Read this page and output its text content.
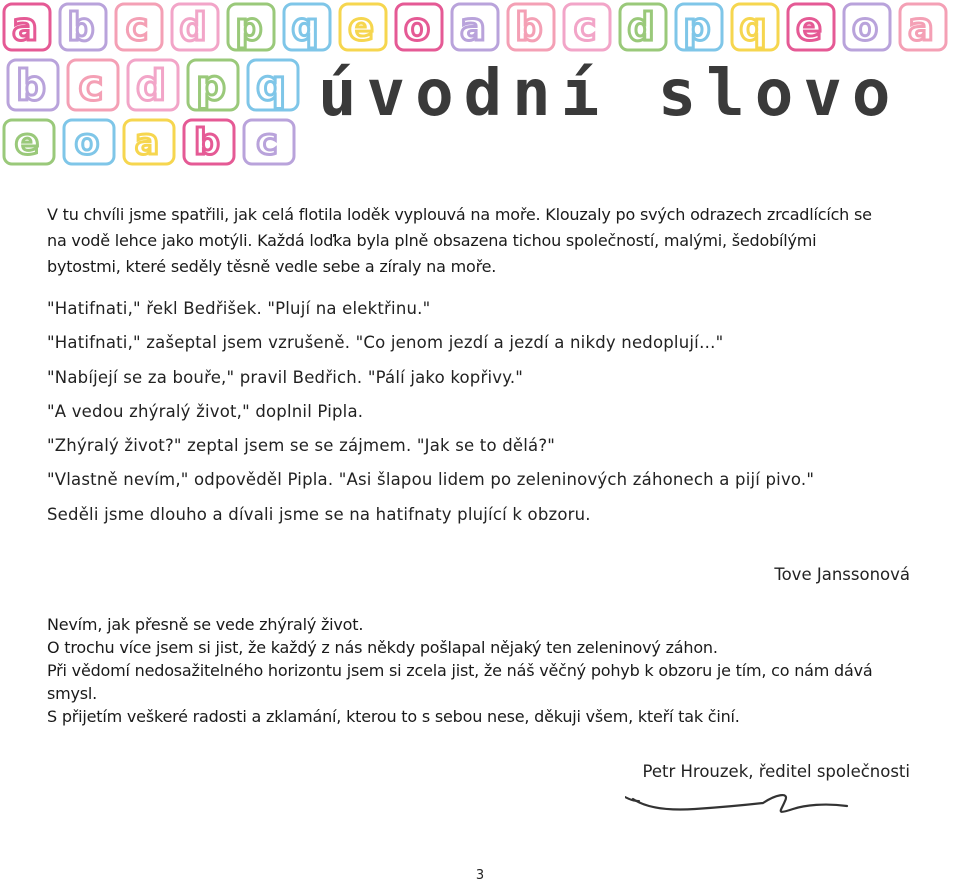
a b c d p q e o a b c d p q e o a
b c d p q
e o a b c
úvodní slovo
V tu chvíli jsme spatřili, jak celá flotila loděk vyplouvá na moře. Klouzaly po svých odrazech zrcadlících se
na vodě lehce jako motýli. Každá loďka byla plně obsazena tichou společností, malými, šedobílými
bytostmi, které seděly těsně vedle sebe a zíraly na moře.
"Hatifnati," řekl Bedřišek. "Plují na elektřinu."
"Hatifnati," zašeptal jsem vzrušeně. "Co jenom jezdí a jezdí a nikdy nedoplují…"
"Nabíjejí se za bouře," pravil Bedřich. "Pálí jako kopřivy."
"A vedou zhýralý život," doplnil Pipla.
"Zhýralý život?" zeptal jsem se se zájmem. "Jak se to dělá?"
"Vlastně nevím," odpověděl Pipla. "Asi šlapou lidem po zeleninových záhonech a pijí pivo."
Seděli jsme dlouho a dívali jsme se na hatifnaty plující k obzoru.
Tove Janssonová
Nevím, jak přesně se vede zhýralý život.
O trochu více jsem si jist, že každý z nás někdy pošlapal nějaký ten zeleninový záhon.
Při vědomí nedosažitelného horizontu jsem si zcela jist, že náš věčný pohyb k obzoru je tím, co nám dává
smysl.
S přijetím veškeré radosti a zklamání, kterou to s sebou nese, děkuji všem, kteří tak činí.
Petr Hrouzek, ředitel společnosti
3
